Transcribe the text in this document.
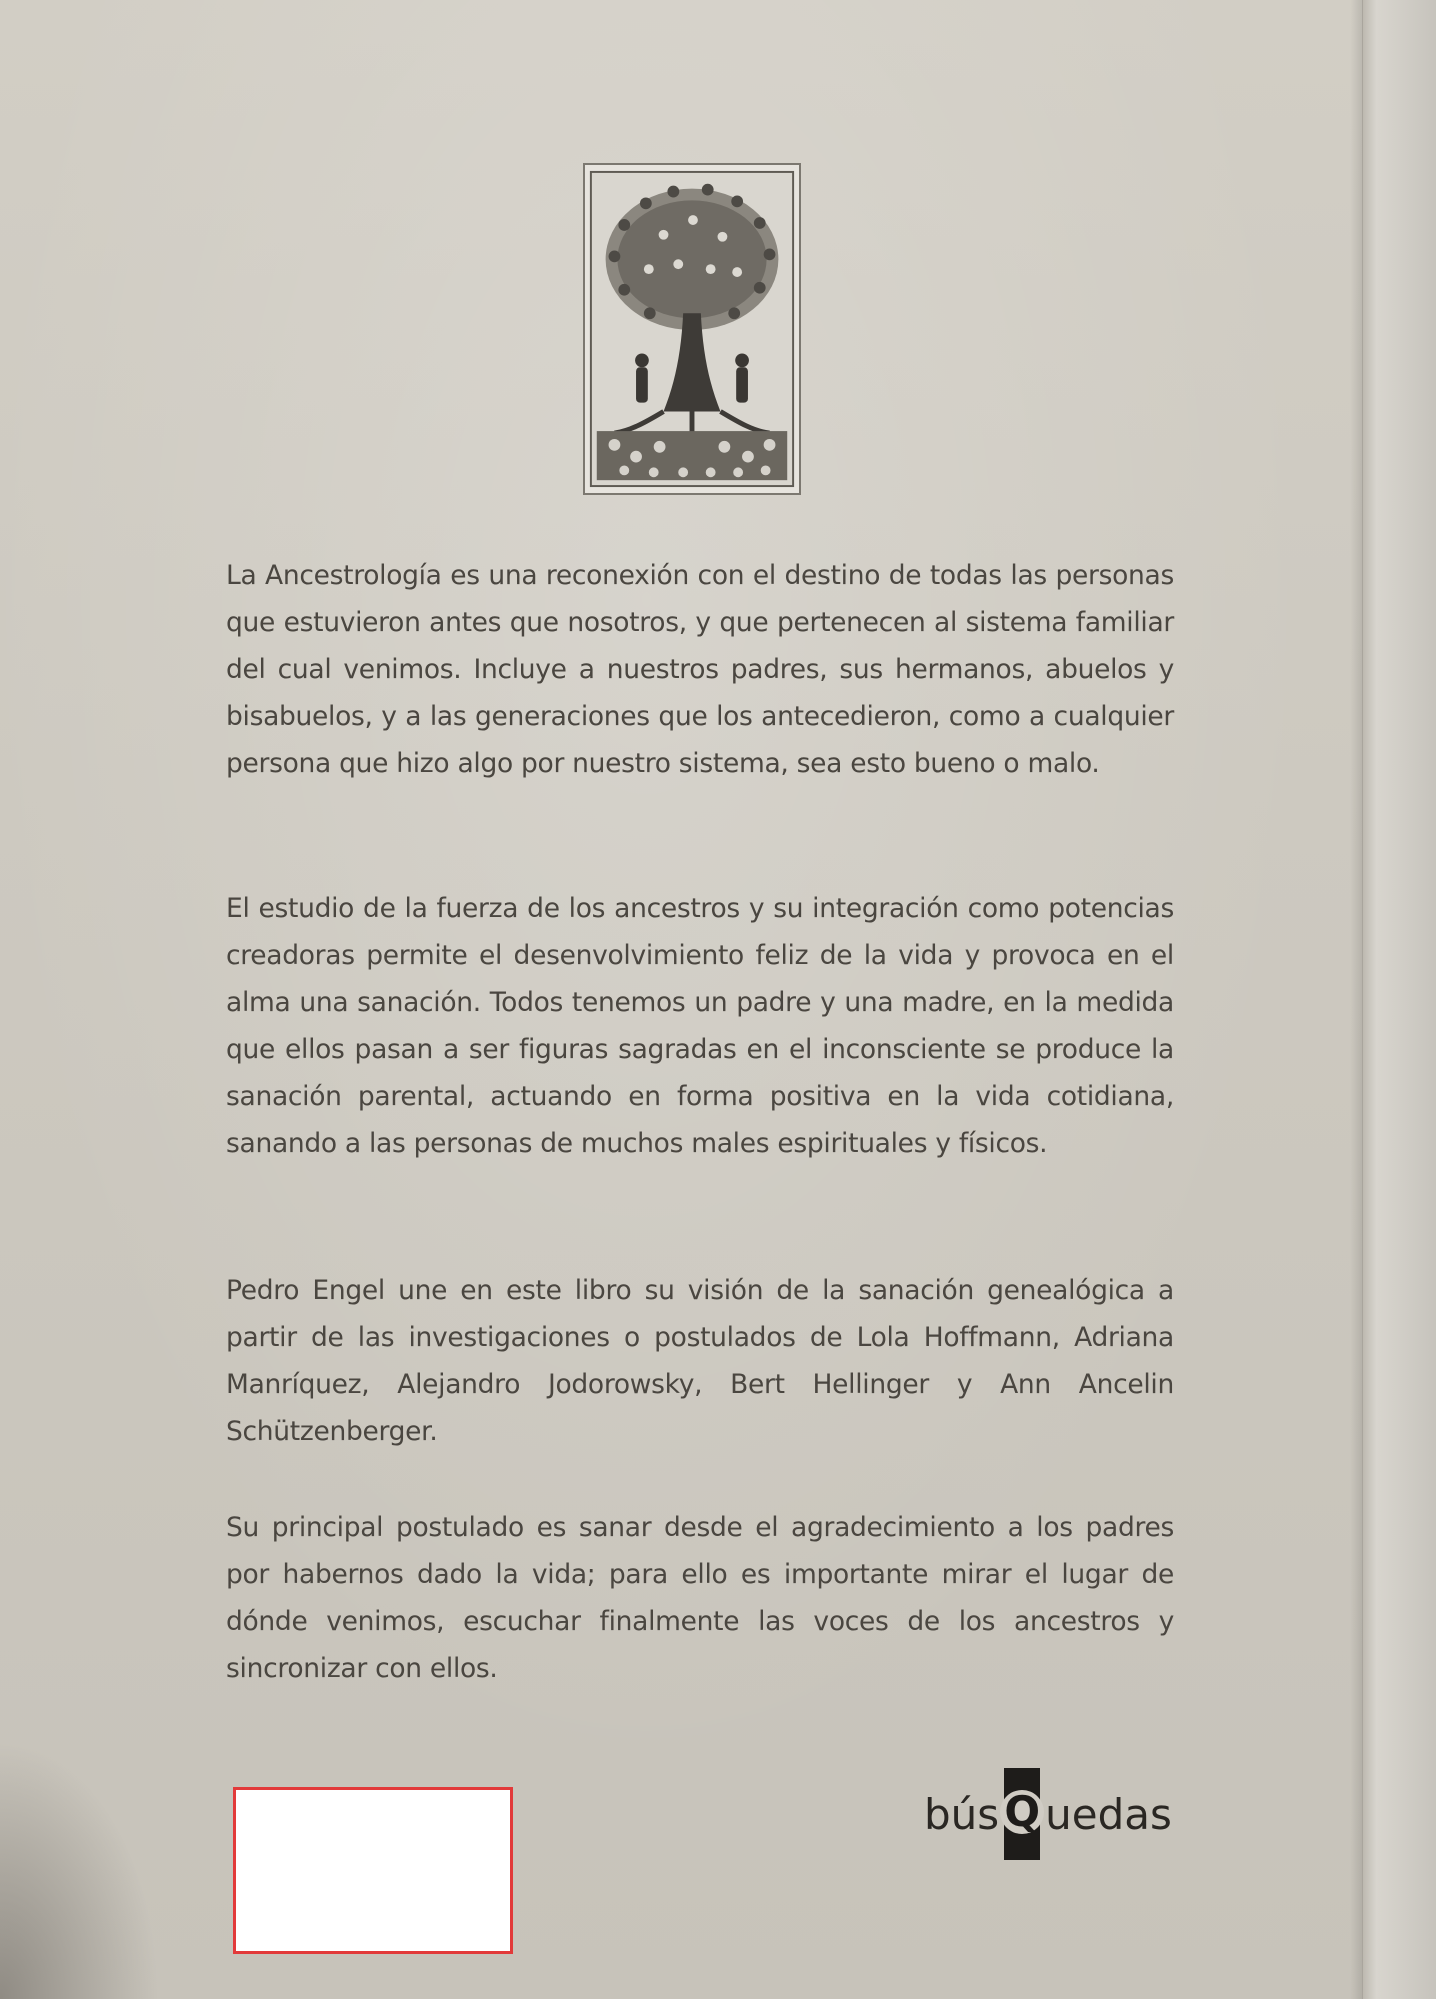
La Ancestrología es una reconexión con el destino de todas las personas que estuvieron antes que nosotros, y que pertenecen al sistema familiar del cual venimos. Incluye a nuestros padres, sus hermanos, abuelos y bisabuelos, y a las generaciones que los antecedieron, como a cualquier persona que hizo algo por nuestro sistema, sea esto bueno o malo.

El estudio de la fuerza de los ancestros y su integración como potencias creadoras permite el desenvolvimiento feliz de la vida y provoca en el alma una sanación. Todos tenemos un padre y una madre, en la medida que ellos pasan a ser figuras sagradas en el inconsciente se produce la sanación parental, actuando en forma positiva en la vida cotidiana, sanando a las personas de muchos males espirituales y físicos.

Pedro Engel une en este libro su visión de la sanación genealógica a partir de las investigaciones o postulados de Lola Hoffmann, Adriana Manríquez, Alejandro Jodorowsky, Bert Hellinger y Ann Ancelin Schützenberger.

Su principal postulado es sanar desde el agradecimiento a los padres por habernos dado la vida; para ello es importante mirar el lugar de dónde venimos, escuchar finalmente las voces de los ancestros y sincronizar con ellos.

bús Q uedas
